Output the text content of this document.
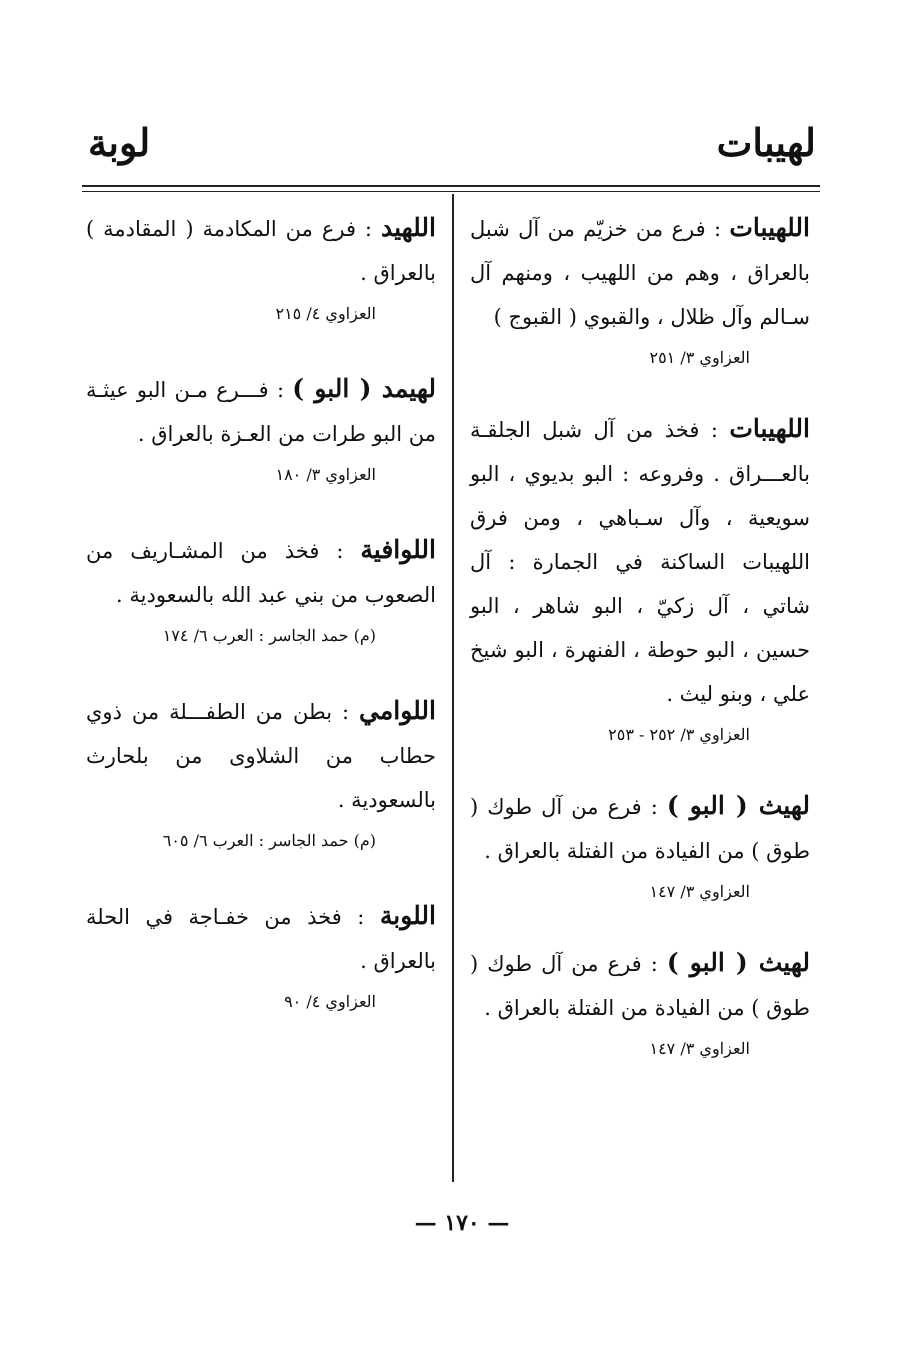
لهيبات
لوبة

اللهيبات : فرع من خزيّم من آل شبل بالعراق ، وهم من اللهيب ، ومنهم آل سـالم وآل ظلال ، والقبوي ( القبوج )

العزاوي ٣/ ٢٥١

اللهيبات : فخذ من آل شبل الجلقـة بالعـــراق . وفروعه : البو بديوي ، البو سويعية ، وآل سـباهي ، ومن فرق اللهيبات الساكنة في الجمارة : آل شاتي ، آل زكيّ ، البو شاهر ، البو حسين ، البو حوطة ، الفنهرة ، البو شيخ علي ، وبنو ليث .

العزاوي ٣/ ٢٥٢ - ٢٥٣

لهيث ( البو ) : فرع من آل طوك ( طوق ) من الفيادة من الفتلة بالعراق .

العزاوي ٣/ ١٤٧

لهيث ( البو ) : فرع من آل طوك ( طوق ) من الفيادة من الفتلة بالعراق .

العزاوي ٣/ ١٤٧

اللهيد : فرع من المكادمة ( المقادمة ) بالعراق .

العزاوي ٤/ ٢١٥

لهيمد ( البو ) : فـــرع مـن البو عيثـة من البو طرات من العـزة بالعراق .

العزاوي ٣/ ١٨٠

اللوافية : فخذ من المشـاريف من الصعوب من بني عبد الله بالسعودية .

(م) حمد الجاسر : العرب ٦/ ١٧٤

اللوامي : بطن من الطفـــلة من ذوي حطاب من الشلاوى من بلحارث بالسعودية .

(م) حمد الجاسر : العرب ٦/ ٦٠٥

اللوبة : فخذ من خفـاجة في الحلة بالعراق .

العزاوي ٤/ ٩٠
— ١٧٠ —
